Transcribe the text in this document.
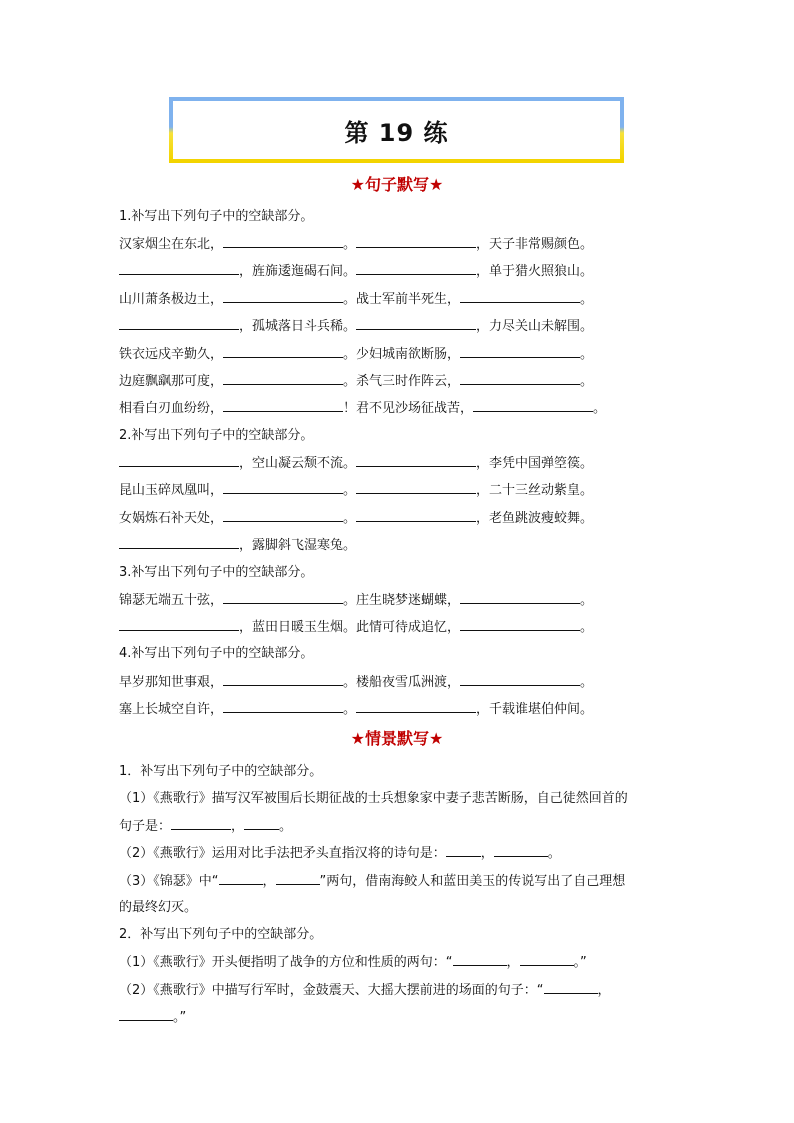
第 19 练
★句子默写★
1.补写出下列句子中的空缺部分。
汉家烟尘在东北，	。	，天子非常赐颜色。
，旌旆逶迤碣石间。	，单于猎火照狼山。
山川萧条极边土，	。战士军前半死生，	。
，孤城落日斗兵稀。	，力尽关山未解围。
铁衣远戍辛勤久，	。少妇城南欲断肠，	。
边庭飘飖那可度，	。杀气三时作阵云，	。
相看白刃血纷纷，	！君不见沙场征战苦，	。
2.补写出下列句子中的空缺部分。
，空山凝云颓不流。	，李凭中国弹箜篌。
昆山玉碎凤凰叫，	。	，二十三丝动紫皇。
女娲炼石补天处，	。	，老鱼跳波瘦蛟舞。
，露脚斜飞湿寒兔。
3.补写出下列句子中的空缺部分。
锦瑟无端五十弦，	。庄生晓梦迷蝴蝶，	。
，蓝田日暖玉生烟。此情可待成追忆，	。
4.补写出下列句子中的空缺部分。
早岁那知世事艰，	。楼船夜雪瓜洲渡，	。
塞上长城空自许，	。	，千载谁堪伯仲间。
★情景默写★
1．补写出下列句子中的空缺部分。
（1）《燕歌行》描写汉军被围后长期征战的士兵想象家中妻子悲苦断肠，自己徒然回首的
句子是：	，	。
（2）《燕歌行》运用对比手法把矛头直指汉将的诗句是：	，	。
（3）《锦瑟》中“	，	”两句，借南海鲛人和蓝田美玉的传说写出了自己理想
的最终幻灭。
2．补写出下列句子中的空缺部分。
（1）《燕歌行》开头便指明了战争的方位和性质的两句：“	，	。”
（2）《燕歌行》中描写行军时，金鼓震天、大摇大摆前进的场面的句子：“	，
。”
